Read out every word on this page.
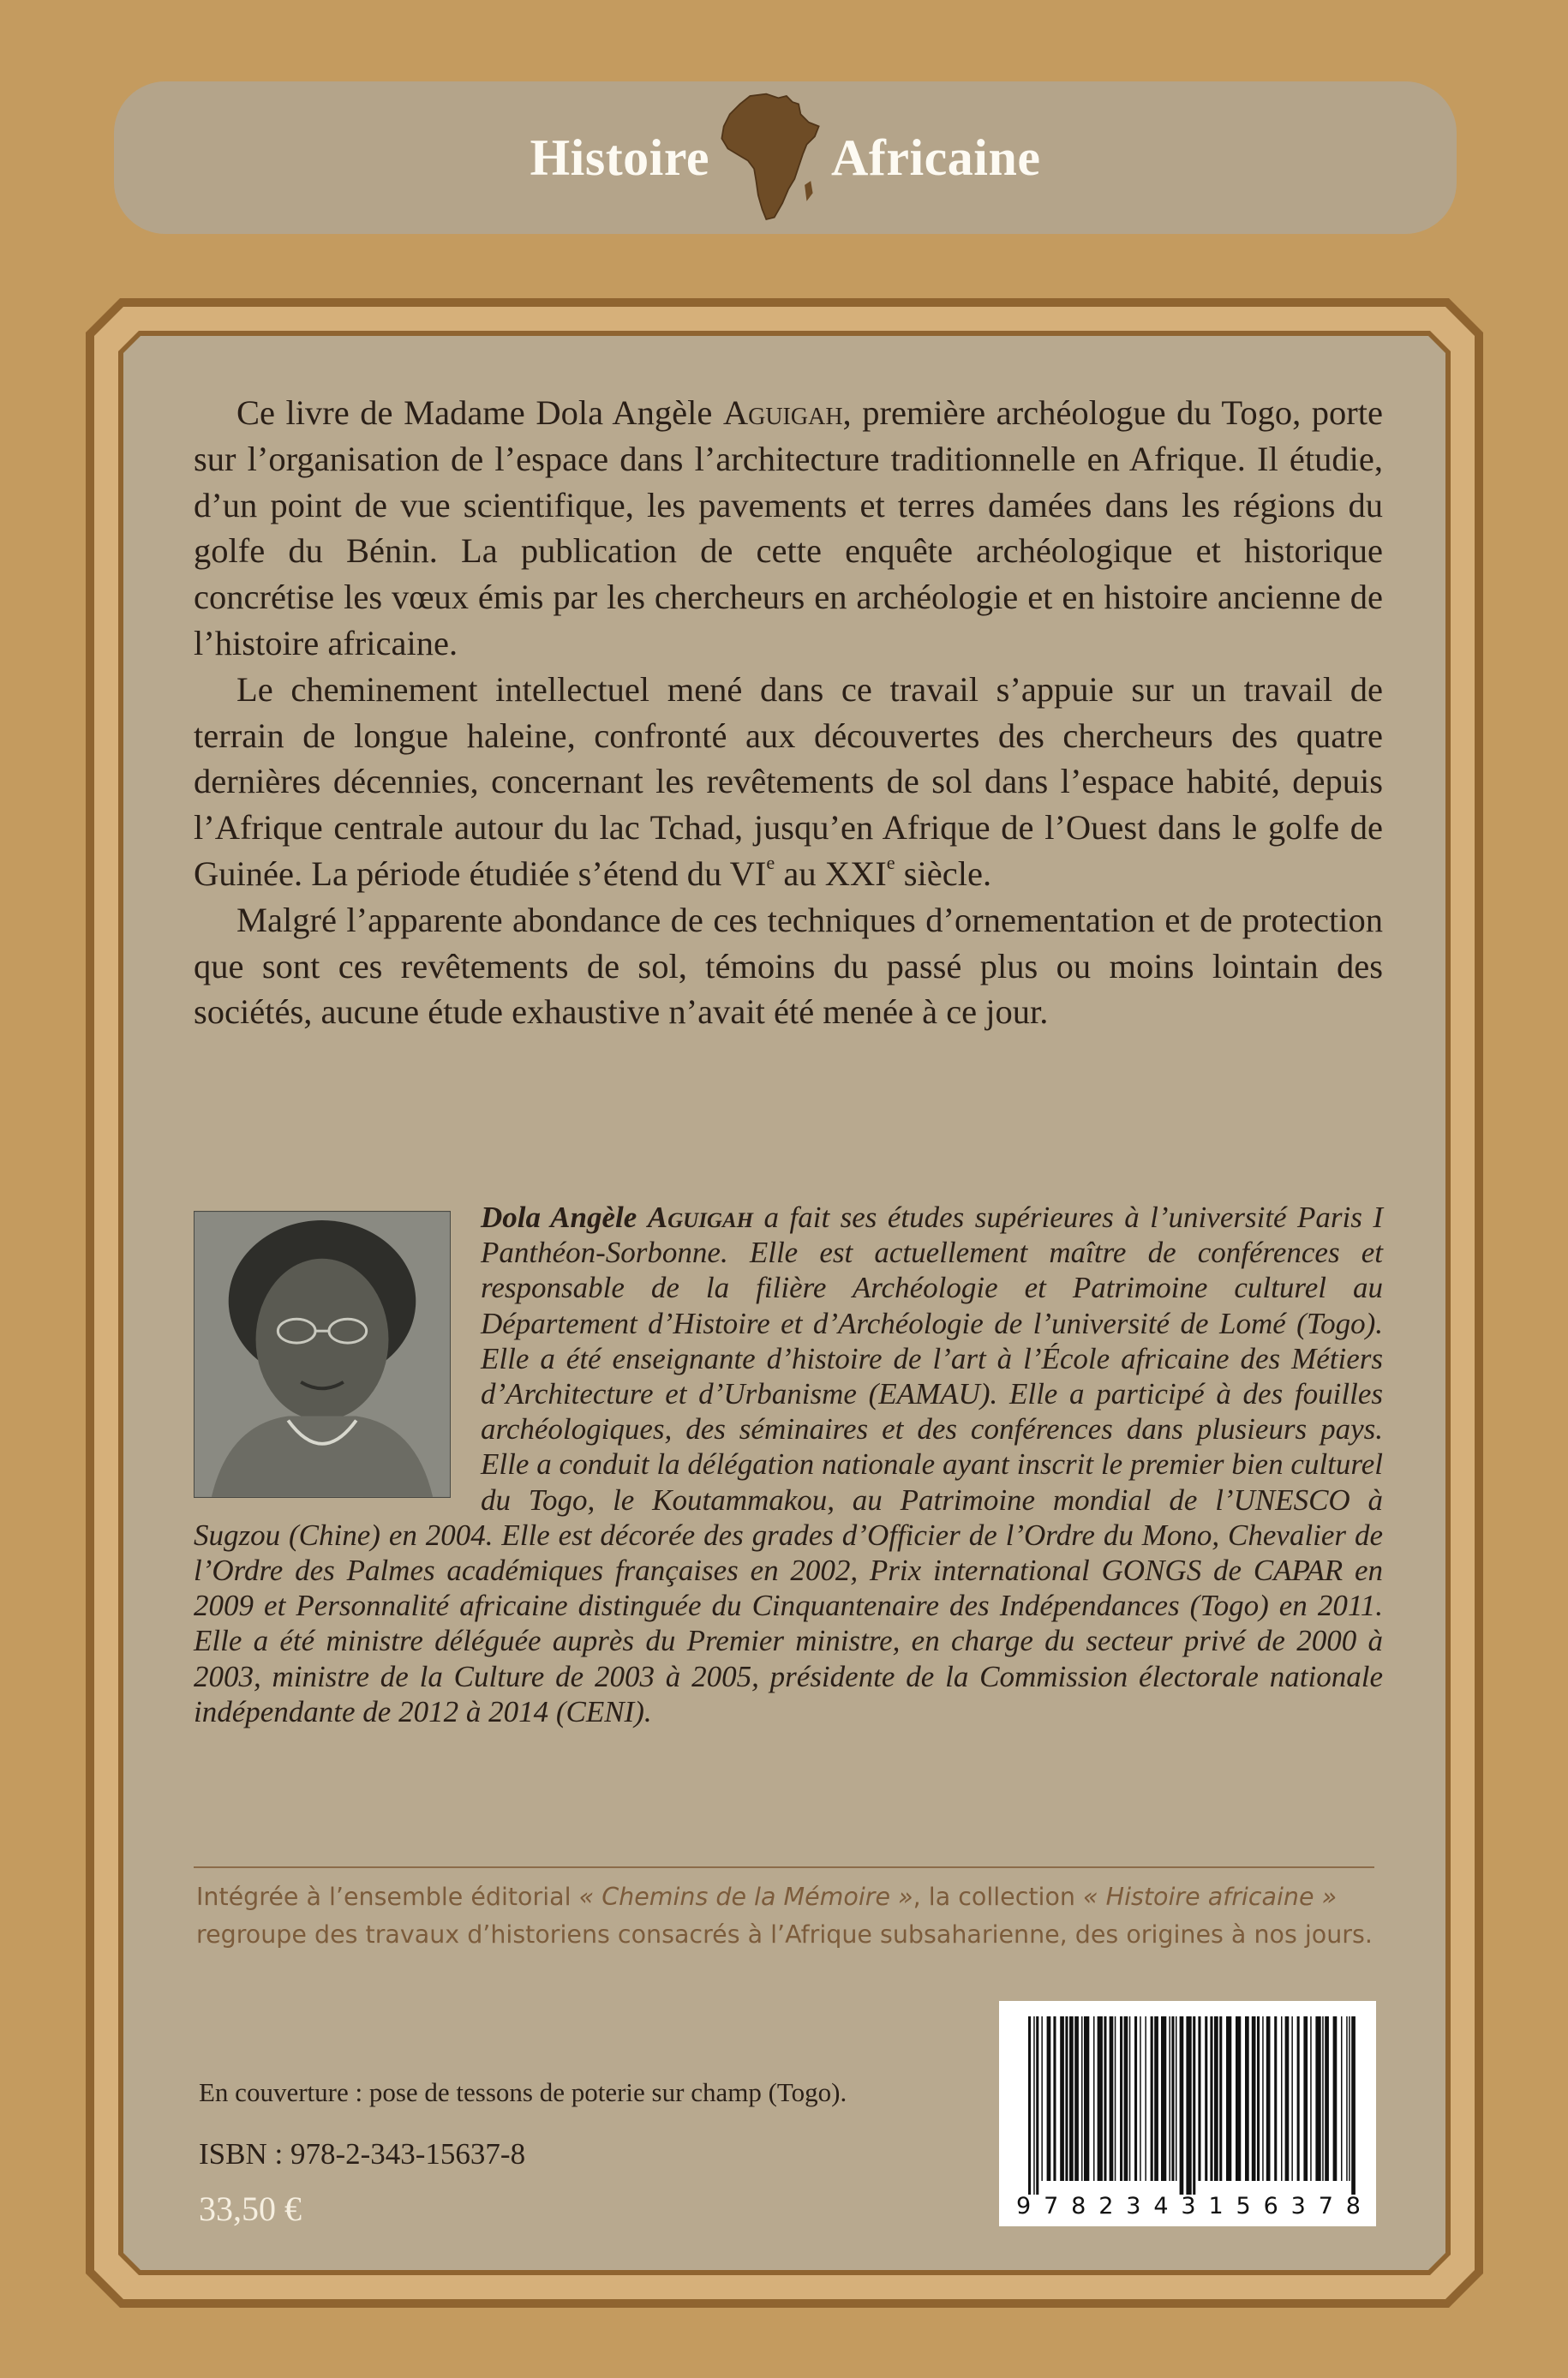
Histoire Africaine

Ce livre de Madame Dola Angèle Aguigah, première archéologue du Togo, porte sur l’organisation de l’espace dans l’architecture traditionnelle en Afrique. Il étudie, d’un point de vue scientifique, les pavements et terres damées dans les régions du golfe du Bénin. La publication de cette enquête archéologique et historique concrétise les vœux émis par les chercheurs en archéologie et en histoire ancienne de l’histoire africaine.

Le cheminement intellectuel mené dans ce travail s’appuie sur un travail de terrain de longue haleine, confronté aux découvertes des chercheurs des quatre dernières décennies, concernant les revêtements de sol dans l’espace habité, depuis l’Afrique centrale autour du lac Tchad, jusqu’en Afrique de l’Ouest dans le golfe de Guinée. La période étudiée s’étend du VIe au XXIe siècle.

Malgré l’apparente abondance de ces techniques d’ornementation et de protection que sont ces revêtements de sol, témoins du passé plus ou moins lointain des sociétés, aucune étude exhaustive n’avait été menée à ce jour.

Dola Angèle Aguigah a fait ses études supérieures à l’université Paris I Panthéon-Sorbonne. Elle est actuellement maître de conférences et responsable de la filière Archéologie et Patrimoine culturel au Département d’Histoire et d’Archéologie de l’université de Lomé (Togo). Elle a été enseignante d’histoire de l’art à l’École africaine des Métiers d’Architecture et d’Urbanisme (EAMAU). Elle a participé à des fouilles archéologiques, des séminaires et des conférences dans plusieurs pays. Elle a conduit la délégation nationale ayant inscrit le premier bien culturel du Togo, le Koutammakou, au Patrimoine mondial de l’UNESCO à Sugzou (Chine) en 2004. Elle est décorée des grades d’Officier de l’Ordre du Mono, Chevalier de l’Ordre des Palmes académiques françaises en 2002, Prix international GONGS de CAPAR en 2009 et Personnalité africaine distinguée du Cinquantenaire des Indépendances (Togo) en 2011. Elle a été ministre déléguée auprès du Premier ministre, en charge du secteur privé de 2000 à 2003, ministre de la Culture de 2003 à 2005, présidente de la Commission électorale nationale indépendante de 2012 à 2014 (CENI).
Intégrée à l’ensemble éditorial « Chemins de la Mémoire », la collection « Histoire africaine » regroupe des travaux d’historiens consacrés à l’Afrique subsaharienne, des origines à nos jours.
En couverture : pose de tessons de poterie sur champ (Togo).
ISBN : 978-2-343-15637-8
33,50 €	9 7 8 2 3 4 3 1 5 6 3 7 8
